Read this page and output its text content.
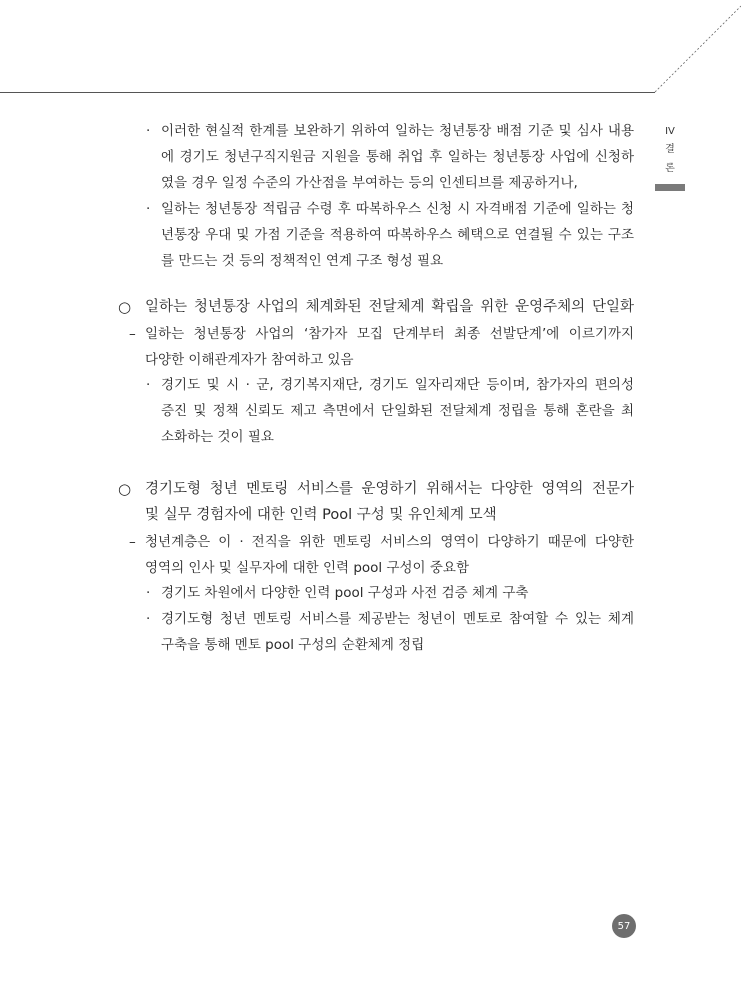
IV
결
론
· 이러한 현실적 한계를 보완하기 위하여 일하는 청년통장 배점 기준 및 심사 내용
에 경기도 청년구직지원금 지원을 통해 취업 후 일하는 청년통장 사업에 신청하
였을 경우 일정 수준의 가산점을 부여하는 등의 인센티브를 제공하거나,
· 일하는 청년통장 적립금 수령 후 따복하우스 신청 시 자격배점 기준에 일하는 청
년통장 우대 및 가점 기준을 적용하여 따복하우스 혜택으로 연결될 수 있는 구조
를 만드는 것 등의 정책적인 연계 구조 형성 필요
○ 일하는 청년통장 사업의 체계화된 전달체계 확립을 위한 운영주체의 단일화
– 일하는 청년통장 사업의 ‘참가자 모집 단계부터 최종 선발단계’에 이르기까지
다양한 이해관계자가 참여하고 있음
· 경기도 및 시 · 군, 경기복지재단, 경기도 일자리재단 등이며, 참가자의 편의성
증진 및 정책 신뢰도 제고 측면에서 단일화된 전달체계 정립을 통해 혼란을 최
소화하는 것이 필요
○ 경기도형 청년 멘토링 서비스를 운영하기 위해서는 다양한 영역의 전문가
및 실무 경험자에 대한 인력 Pool 구성 및 유인체계 모색
– 청년계층은 이 · 전직을 위한 멘토링 서비스의 영역이 다양하기 때문에 다양한
영역의 인사 및 실무자에 대한 인력 pool 구성이 중요함
· 경기도 차원에서 다양한 인력 pool 구성과 사전 검증 체계 구축
· 경기도형 청년 멘토링 서비스를 제공받는 청년이 멘토로 참여할 수 있는 체계
구축을 통해 멘토 pool 구성의 순환체계 정립
57
